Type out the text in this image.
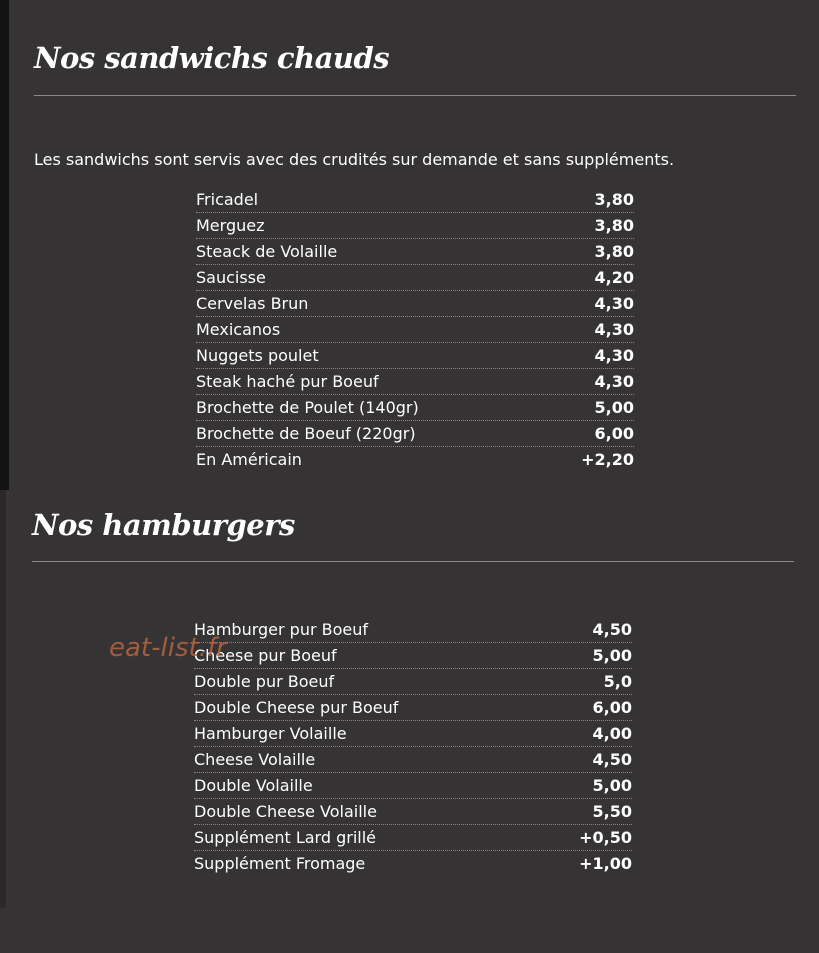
Nos sandwichs chauds

Les sandwichs sont servis avec des crudités sur demande et sans suppléments.

Fricadel	3,80
Merguez	3,80
Steack de Volaille	3,80
Saucisse	4,20
Cervelas Brun	4,30
Mexicanos	4,30
Nuggets poulet	4,30
Steak haché pur Boeuf	4,30
Brochette de Poulet (140gr)	5,00
Brochette de Boeuf (220gr)	6,00
En Américain	+2,20
Nos hamburgers
Hamburger pur Boeuf	4,50
Cheese pur Boeuf	5,00
Double pur Boeuf	5,0
Double Cheese pur Boeuf	6,00
Hamburger Volaille	4,00
Cheese Volaille	4,50
Double Volaille	5,00
Double Cheese Volaille	5,50
Supplément Lard grillé	+0,50
Supplément Fromage	+1,00
eat-list.fr
